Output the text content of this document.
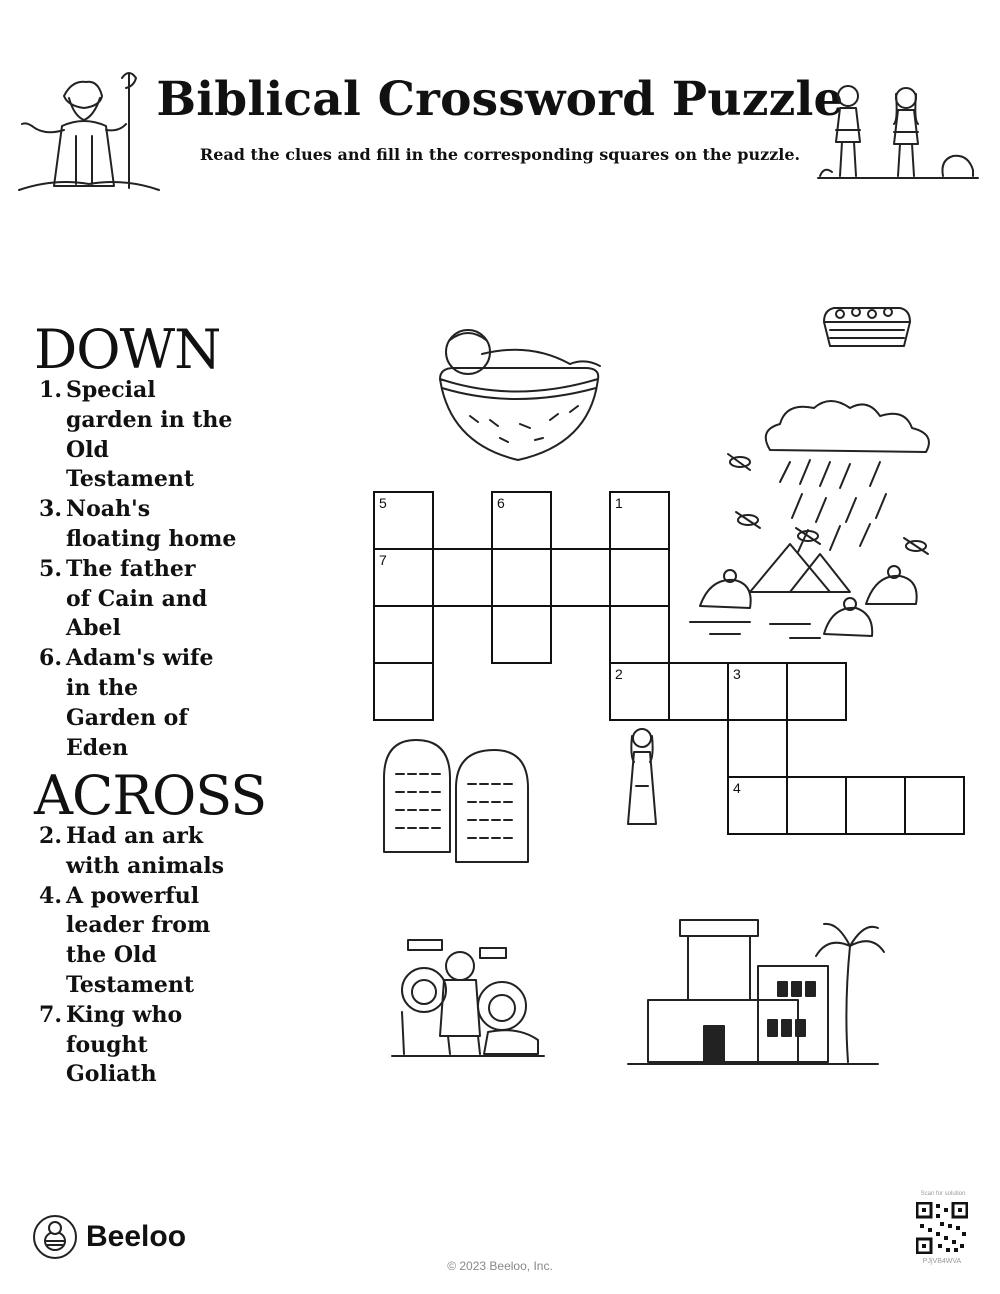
Biblical Crossword Puzzle
Read the clues and fill in the corresponding squares on the puzzle.
DOWN
1. Special garden in the Old Testament
3. Noah's floating home
5. The father of Cain and Abel
6. Adam's wife in the Garden of Eden
ACROSS
2. Had an ark with animals
4. A powerful leader from the Old Testament
7. King who fought Goliath
5
7
6	1
2	3
4
Beeloo
© 2023 Beeloo, Inc.
Scan for solution
PJjVB4WVA
